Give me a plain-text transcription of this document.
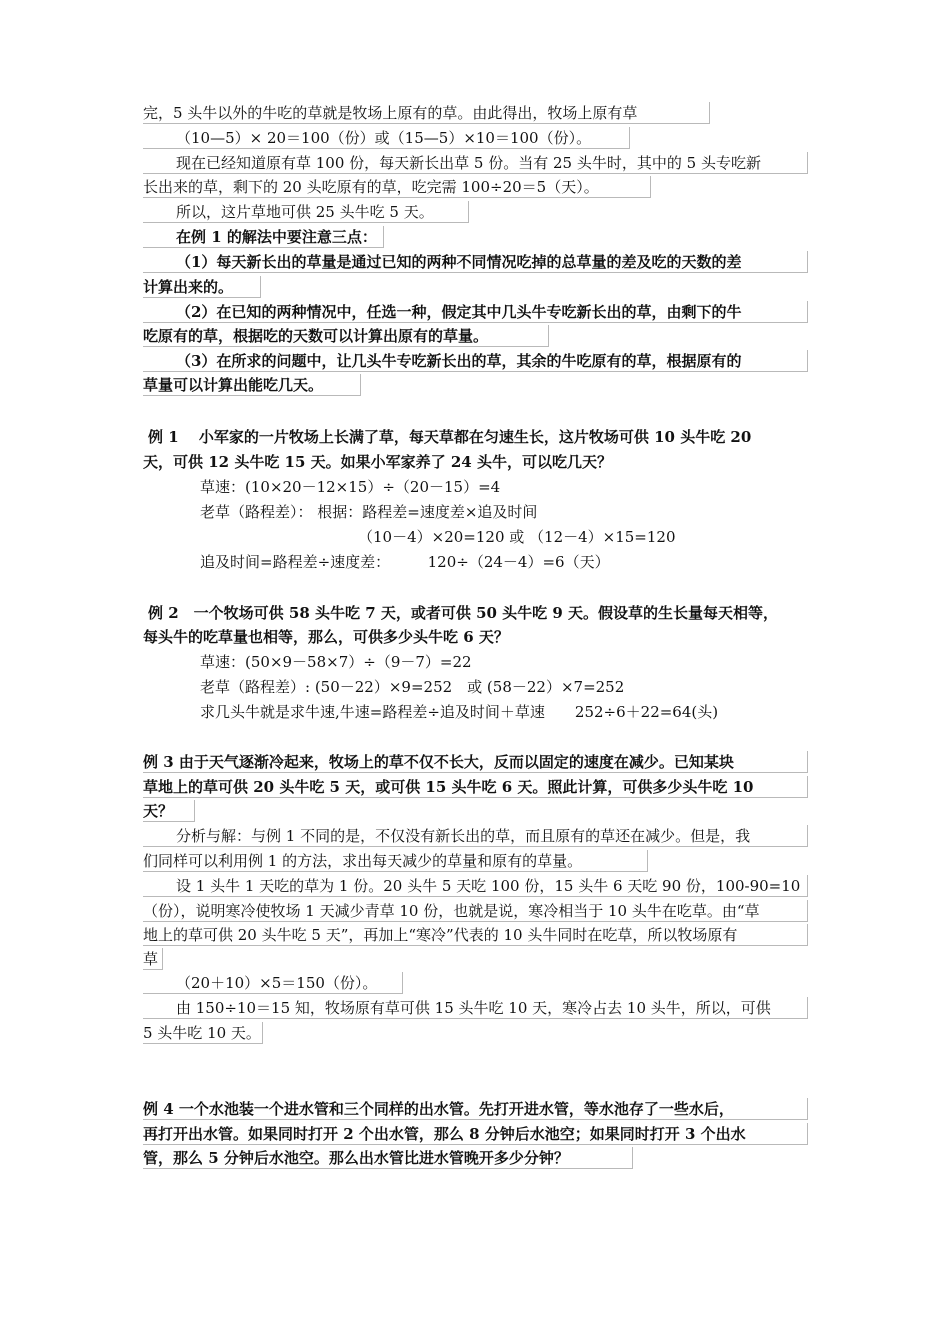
完，5 头牛以外的牛吃的草就是牧场上原有的草。由此得出，牧场上原有草
（10—5）× 20＝100（份）或（15—5）×10＝100（份）。
现在已经知道原有草 100 份，每天新长出草 5 份。当有 25 头牛时，其中的 5 头专吃新
长出来的草，剩下的 20 头吃原有的草，吃完需 100÷20＝5（天）。
所以，这片草地可供 25 头牛吃 5 天。
在例 1 的解法中要注意三点：
（1）每天新长出的草量是通过已知的两种不同情况吃掉的总草量的差及吃的天数的差
计算出来的。
（2）在已知的两种情况中，任选一种，假定其中几头牛专吃新长出的草，由剩下的牛
吃原有的草，根据吃的天数可以计算出原有的草量。
（3）在所求的问题中，让几头牛专吃新长出的草，其余的牛吃原有的草，根据原有的
草量可以计算出能吃几天。
例 1　 小军家的一片牧场上长满了草，每天草都在匀速生长，这片牧场可供 10 头牛吃 20
天，可供 12 头牛吃 15 天。如果小军家养了 24 头牛，可以吃几天？
草速：(10×20－12×15）÷（20－15）=4
老草（路程差）： 根据：路程差=速度差×追及时间
（10－4）×20=120 或 （12－4）×15=120
追及时间=路程差÷速度差：　　　120÷（24－4）=6（天）
例 2　一个牧场可供 58 头牛吃 7 天，或者可供 50 头牛吃 9 天。假设草的生长量每天相等，
每头牛的吃草量也相等，那么，可供多少头牛吃 6 天？
草速：(50×9－58×7）÷（9－7）=22
老草（路程差）: (50－22）×9=252　或 (58－22）×7=252
求几头牛就是求牛速,牛速=路程差÷追及时间＋草速　　252÷6＋22=64(头)
例 3 由于天气逐渐冷起来，牧场上的草不仅不长大，反而以固定的速度在减少。已知某块
草地上的草可供 20 头牛吃 5 天，或可供 15 头牛吃 6 天。照此计算，可供多少头牛吃 10
天？
分析与解：与例 1 不同的是，不仅没有新长出的草，而且原有的草还在减少。但是，我
们同样可以利用例 1 的方法，求出每天减少的草量和原有的草量。
设 1 头牛 1 天吃的草为 1 份。20 头牛 5 天吃 100 份，15 头牛 6 天吃 90 份，100-90=10
（份），说明寒冷使牧场 1 天减少青草 10 份，也就是说，寒冷相当于 10 头牛在吃草。由“草
地上的草可供 20 头牛吃 5 天”，再加上“寒冷”代表的 10 头牛同时在吃草，所以牧场原有
草
（20＋10）×5＝150（份）。
由 150÷10＝15 知，牧场原有草可供 15 头牛吃 10 天，寒冷占去 10 头牛，所以，可供
5 头牛吃 10 天。
例 4 一个水池装一个进水管和三个同样的出水管。先打开进水管，等水池存了一些水后，
再打开出水管。如果同时打开 2 个出水管，那么 8 分钟后水池空；如果同时打开 3 个出水
管，那么 5 分钟后水池空。那么出水管比进水管晚开多少分钟？
